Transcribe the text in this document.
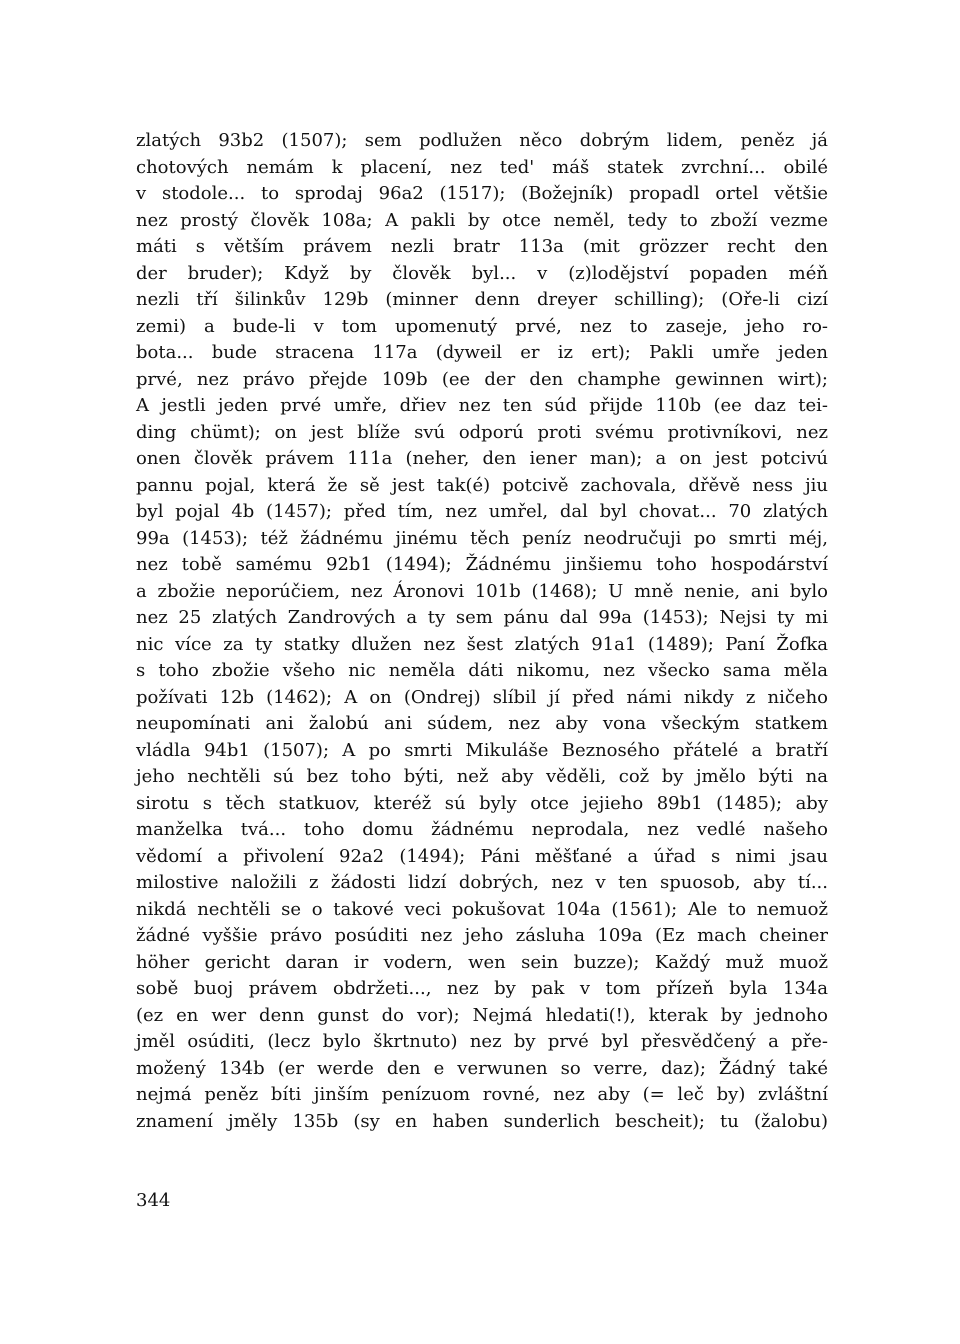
zlatých 93b2 (1507); sem podlužen něco dobrým lidem, peněz já
chotových nemám k placení, nez ted' máš statek zvrchní... obilé
v stodole... to sprodaj 96a2 (1517); (Božejník) propadl ortel většie
nez prostý člověk 108a; A pakli by otce neměl, tedy to zboží vezme
máti s větším právem nezli bratr 113a (mit grözzer recht den
der bruder); Když by člověk byl... v (z)lodějství popaden méň
nezli tří šilinkův 129b (minner denn dreyer schilling); (Oře-li cizí
zemi) a bude-li v tom upomenutý prvé, nez to zaseje, jeho ro-
bota... bude stracena 117a (dyweil er iz ert); Pakli umře jeden
prvé, nez právo přejde 109b (ee der den champhe gewinnen wirt);
A jestli jeden prvé umře, dřiev nez ten súd přijde 110b (ee daz tei-
ding chümt); on jest blíže svú odporú proti svému protivníkovi, nez
onen člověk právem 111a (neher, den iener man); a on jest potcivú
pannu pojal, která že sě jest tak(é) potcivě zachovala, dřěvě ness jiu
byl pojal 4b (1457); před tím, nez umřel, dal byl chovat... 70 zlatých
99a (1453); též žádnému jinému těch peníz neodručuji po smrti méj,
nez tobě samému 92b1 (1494); Žádnému jinšiemu toho hospodárství
a zbožie neporúčiem, nez Áronovi 101b (1468); U mně nenie, ani bylo
nez 25 zlatých Zandrových a ty sem pánu dal 99a (1453); Nejsi ty mi
nic více za ty statky dlužen nez šest zlatých 91a1 (1489); Paní Žofka
s toho zbožie všeho nic neměla dáti nikomu, nez všecko sama měla
požívati 12b (1462); A on (Ondrej) slíbil jí před námi nikdy z ničeho
neupomínati ani žalobú ani súdem, nez aby vona všeckým statkem
vládla 94b1 (1507); A po smrti Mikuláše Beznosého přátelé a bratří
jeho nechtěli sú bez toho býti, než aby věděli, což by jmělo býti na
sirotu s těch statkuov, kteréž sú byly otce jejieho 89b1 (1485); aby
manželka tvá... toho domu žádnému neprodala, nez vedlé našeho
vědomí a přivolení 92a2 (1494); Páni měšťané a úřad s nimi jsau
milostive naložili z žádosti lidzí dobrých, nez v ten spuosob, aby tí...
nikdá nechtěli se o takové veci pokušovat 104a (1561); Ale to nemuož
žádné vyššie právo posúditi nez jeho zásluha 109a (Ez mach cheiner
höher gericht daran ir vodern, wen sein buzze); Každý muž muož
sobě buoj právem obdržeti..., nez by pak v tom přízeň byla 134a
(ez en wer denn gunst do vor); Nejmá hledati(!), kterak by jednoho
jměl osúditi, (lecz bylo škrtnuto) nez by prvé byl přesvědčený a pře-
možený 134b (er werde den e verwunen so verre, daz); Žádný také
nejmá peněz bíti jinším penízuom rovné, nez aby (= leč by) zvláštní
znamení jměly 135b (sy en haben sunderlich bescheit); tu (žalobu)
344
